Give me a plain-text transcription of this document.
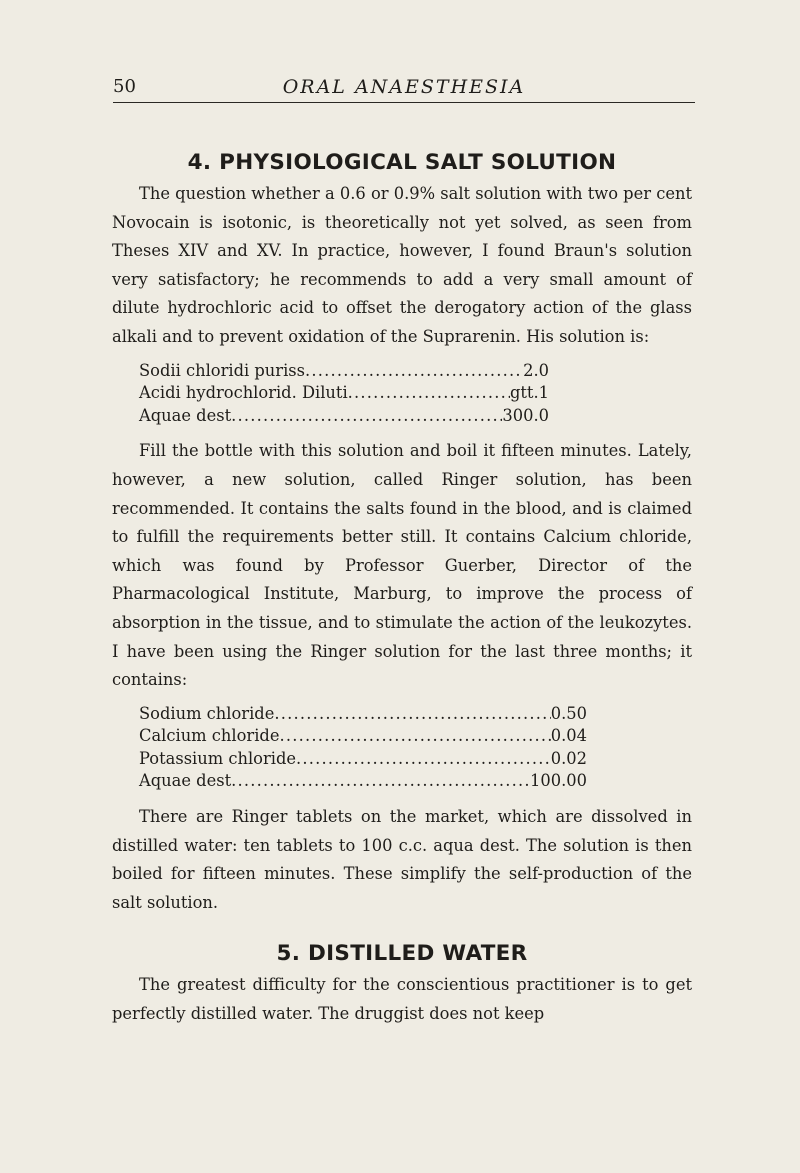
50	ORAL ANAESTHESIA
4. PHYSIOLOGICAL SALT SOLUTION

The question whether a 0.6 or 0.9% salt solution with two per cent Novocain is isotonic, is theoretically not yet solved, as seen from Theses XIV and XV. In practice, however, I found Braun's solution very satisfactory; he recommends to add a very small amount of dilute hydrochloric acid to offset the derogatory action of the glass alkali and to prevent oxidation of the Suprarenin. His solution is:

Sodii chloridi puriss .....	2.0
Acidi hydrochlorid. Diluti .....	gtt.1
Aquae dest .....	300.0

Fill the bottle with this solution and boil it fifteen minutes. Lately, however, a new solution, called Ringer solution, has been recommended. It contains the salts found in the blood, and is claimed to fulfill the requirements better still. It contains Calcium chloride, which was found by Professor Guerber, Director of the Pharmacological Institute, Marburg, to improve the process of absorption in the tissue, and to stimulate the action of the leukozytes. I have been using the Ringer solution for the last three months; it contains:

Sodium chloride .....	0.50
Calcium chloride .....	0.04
Potassium chloride .....	0.02
Aquae dest .....	100.00

There are Ringer tablets on the market, which are dissolved in distilled water: ten tablets to 100 c.c. aqua dest. The solution is then boiled for fifteen minutes. These simplify the self-production of the salt solution.

5. DISTILLED WATER

The greatest difficulty for the conscientious practitioner is to get perfectly distilled water. The druggist does not keep
